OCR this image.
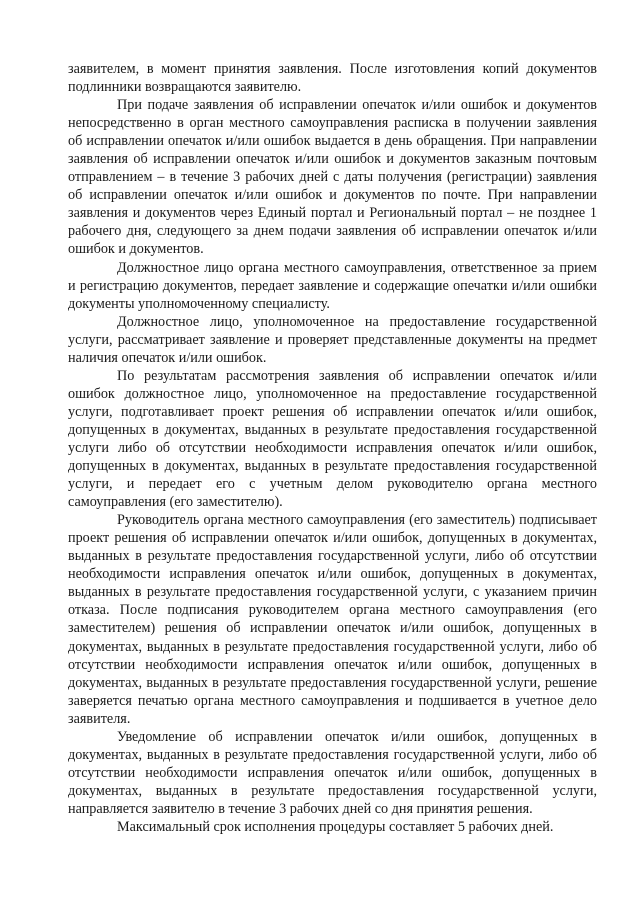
заявителем, в момент принятия заявления. После изготовления копий документов подлинники возвращаются заявителю.

При подаче заявления об исправлении опечаток и/или ошибок и документов непосредственно в орган местного самоуправления расписка в получении заявления об исправлении опечаток и/или ошибок выдается в день обращения. При направлении заявления об исправлении опечаток и/или ошибок и документов заказным почтовым отправлением – в течение 3 рабочих дней с даты получения (регистрации) заявления об исправлении опечаток и/или ошибок и документов по почте. При направлении заявления и документов через Единый портал и Региональный портал – не позднее 1 рабочего дня, следующего за днем подачи заявления об исправлении опечаток и/или ошибок и документов.

Должностное лицо органа местного самоуправления, ответственное за прием и регистрацию документов, передает заявление и содержащие опечатки и/или ошибки документы уполномоченному специалисту.

Должностное лицо, уполномоченное на предоставление государственной услуги, рассматривает заявление и проверяет представленные документы на предмет наличия опечаток и/или ошибок.

По результатам рассмотрения заявления об исправлении опечаток и/или ошибок должностное лицо, уполномоченное на предоставление государственной услуги, подготавливает проект решения об исправлении опечаток и/или ошибок, допущенных в документах, выданных в результате предоставления государственной услуги либо об отсутствии необходимости исправления опечаток и/или ошибок, допущенных в документах, выданных в результате предоставления государственной услуги, и передает его с учетным делом руководителю органа местного самоуправления (его заместителю).

Руководитель органа местного самоуправления (его заместитель) подписывает проект решения об исправлении опечаток и/или ошибок, допущенных в документах, выданных в результате предоставления государственной услуги, либо об отсутствии необходимости исправления опечаток и/или ошибок, допущенных в документах, выданных в результате предоставления государственной услуги, с указанием причин отказа. После подписания руководителем органа местного самоуправления (его заместителем) решения об исправлении опечаток и/или ошибок, допущенных в документах, выданных в результате предоставления государственной услуги, либо об отсутствии необходимости исправления опечаток и/или ошибок, допущенных в документах, выданных в результате предоставления государственной услуги, решение заверяется печатью органа местного самоуправления и подшивается в учетное дело заявителя.

Уведомление об исправлении опечаток и/или ошибок, допущенных в документах, выданных в результате предоставления государственной услуги, либо об отсутствии необходимости исправления опечаток и/или ошибок, допущенных в документах, выданных в результате предоставления государственной услуги, направляется заявителю в течение 3 рабочих дней со дня принятия решения.

Максимальный срок исполнения процедуры составляет 5 рабочих дней.
